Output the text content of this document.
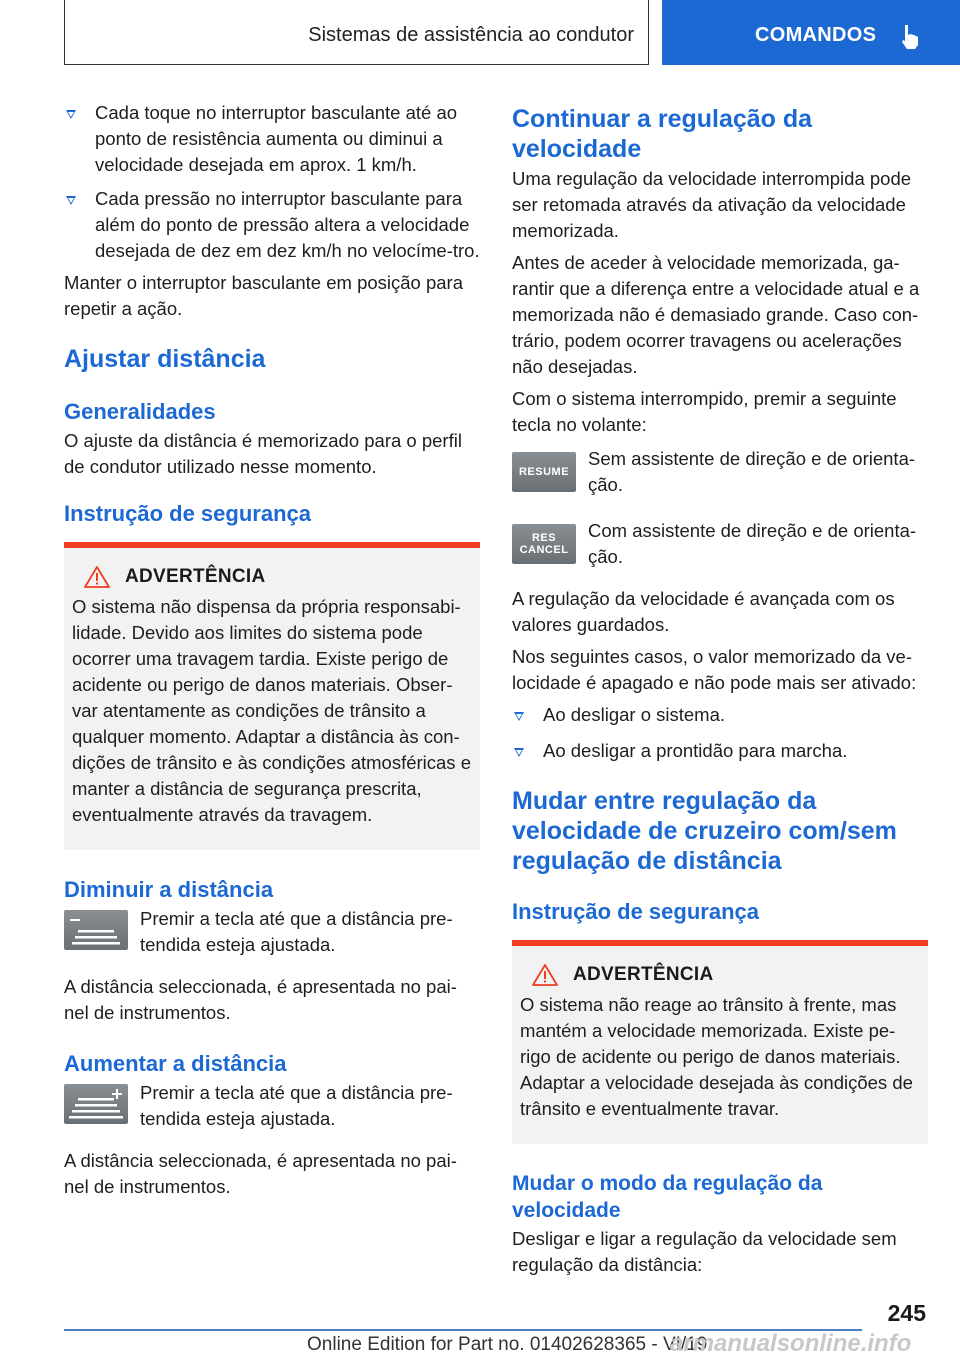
Sistemas de assistência ao condutor	COMANDOS
Cada toque no interruptor basculante até ao ponto de resistência aumenta ou diminui a velocidade desejada em aprox. 1 km/h.
Cada pressão no interruptor basculante para além do ponto de pressão altera a velocidade desejada de dez em dez km/h no velocíme‐tro.

Manter o interruptor basculante em posição para repetir a ação.

Ajustar distância
Generalidades

O ajuste da distância é memorizado para o perfil de condutor utilizado nesse momento.

Instrução de segurança
ADVERTÊNCIA

O sistema não dispensa da própria responsabi‐lidade. Devido aos limites do sistema pode ocorrer uma travagem tardia. Existe perigo de acidente ou perigo de danos materiais. Obser‐var atentamente as condições de trânsito a qualquer momento. Adaptar a distância às con‐dições de trânsito e às condições atmosféricas e manter a distância de segurança prescrita, eventualmente através da travagem.

Diminuir a distância

Premir a tecla até que a distância pre‐tendida esteja ajustada.

A distância seleccionada, é apresentada no pai‐nel de instrumentos.

Aumentar a distância

Premir a tecla até que a distância pre‐tendida esteja ajustada.

A distância seleccionada, é apresentada no pai‐nel de instrumentos.

Continuar a regulação da velocidade

Uma regulação da velocidade interrompida pode ser retomada através da ativação da velocidade memorizada.

Antes de aceder à velocidade memorizada, ga‐rantir que a diferença entre a velocidade atual e a memorizada não é demasiado grande. Caso con‐trário, podem ocorrer travagens ou acelerações não desejadas.

Com o sistema interrompido, premir a seguinte tecla no volante:

RESUME

Sem assistente de direção e de orienta‐ção.

RES
CANCEL

Com assistente de direção e de orienta‐ção.

A regulação da velocidade é avançada com os valores guardados.

Nos seguintes casos, o valor memorizado da ve‐locidade é apagado e não pode mais ser ativado:

Ao desligar o sistema.
Ao desligar a prontidão para marcha.
Mudar entre regulação da velocidade de cruzeiro com/sem regulação de distância
Instrução de segurança
ADVERTÊNCIA

O sistema não reage ao trânsito à frente, mas mantém a velocidade memorizada. Existe pe‐rigo de acidente ou perigo de danos materiais. Adaptar a velocidade desejada às condições de trânsito e eventualmente travar.

Mudar o modo da regulação da velocidade

Desligar e ligar a regulação da velocidade sem regulação da distância:

245
Online Edition for Part no. 01402628365 - VI/19
armanualsonline.info
